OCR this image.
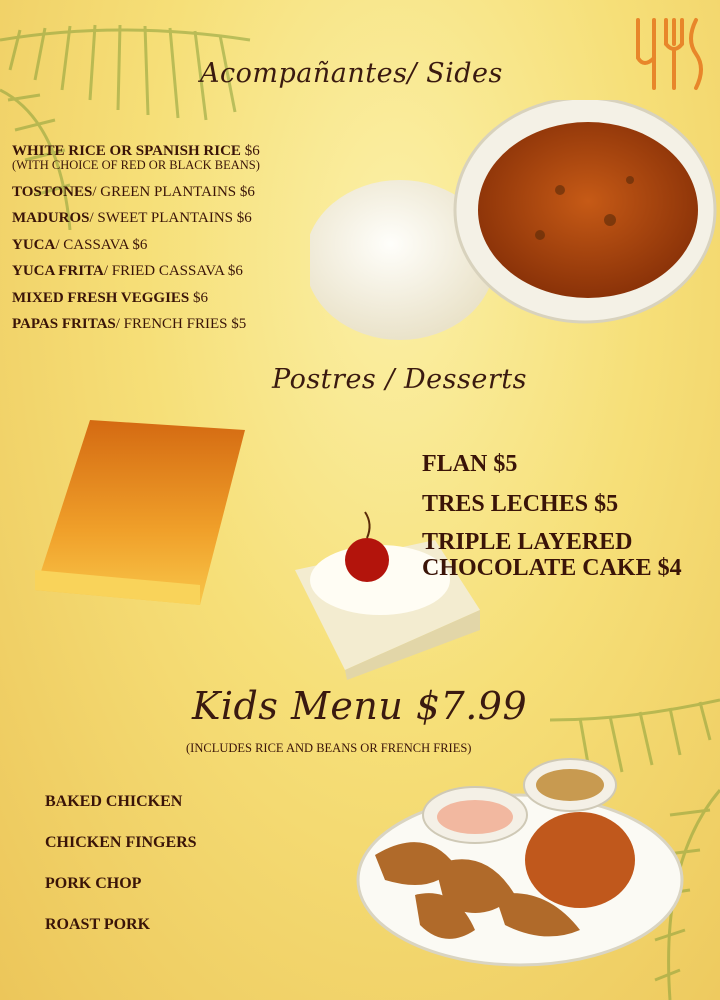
Acompañantes/ Sides
WHITE RICE OR SPANISH RICE $6
(WITH CHOICE OF RED OR BLACK BEANS)
TOSTONES/ GREEN PLANTAINS $6
MADUROS/ SWEET PLANTAINS $6
YUCA/ CASSAVA $6
YUCA FRITA/ FRIED CASSAVA $6
MIXED FRESH VEGGIES $6
PAPAS FRITAS/ FRENCH FRIES $5
Postres / Desserts
FLAN $5
TRES LECHES $5
TRIPLE LAYERED
CHOCOLATE CAKE $4
Kids Menu $7.99
(INCLUDES RICE AND BEANS OR FRENCH FRIES)
BAKED CHICKEN
CHICKEN FINGERS
PORK CHOP
ROAST PORK
